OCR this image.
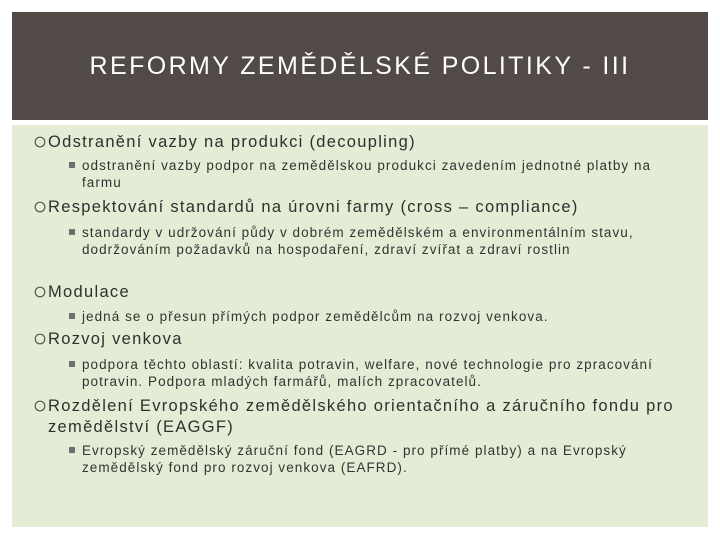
REFORMY ZEMĚDĚLSKÉ POLITIKY - III
Odstranění vazby na produkci (decoupling)
odstranění vazby podpor na zemědělskou produkci zavedením jednotné platby na farmu
Respektování standardů na úrovni farmy (cross – compliance)
standardy v udržování půdy v dobrém zemědělském a environmentálním stavu, dodržováním požadavků na hospodaření, zdraví zvířat a zdraví rostlin
Modulace
jedná se o přesun přímých podpor zemědělcům na rozvoj venkova.
Rozvoj venkova
podpora těchto oblastí: kvalita potravin, welfare, nové technologie pro zpracování potravin. Podpora mladých farmářů, malích zpracovatelů.
Rozdělení Evropského zemědělského orientačního a záručního fondu pro zemědělství (EAGGF)
Evropský zemědělský záruční fond (EAGRD - pro přímé platby) a na Evropský zemědělský fond pro rozvoj venkova (EAFRD).
